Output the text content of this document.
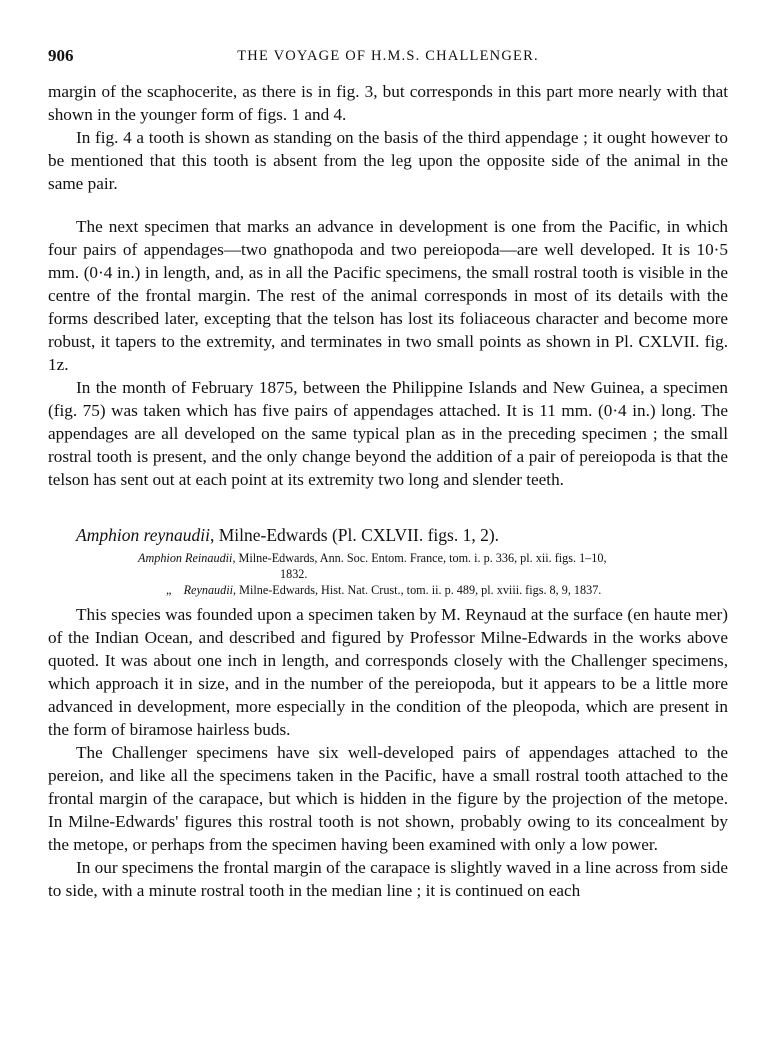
906	THE VOYAGE OF H.M.S. CHALLENGER.

margin of the scaphocerite, as there is in fig. 3, but corresponds in this part more nearly with that shown in the younger form of figs. 1 and 4.

In fig. 4 a tooth is shown as standing on the basis of the third appendage ; it ought however to be mentioned that this tooth is absent from the leg upon the opposite side of the animal in the same pair.

The next specimen that marks an advance in development is one from the Pacific, in which four pairs of appendages—two gnathopoda and two pereiopoda—are well developed. It is 10·5 mm. (0·4 in.) in length, and, as in all the Pacific specimens, the small rostral tooth is visible in the centre of the frontal margin. The rest of the animal corresponds in most of its details with the forms described later, excepting that the telson has lost its foliaceous character and become more robust, it tapers to the extremity, and terminates in two small points as shown in Pl. CXLVII. fig. 1z.

In the month of February 1875, between the Philippine Islands and New Guinea, a specimen (fig. 75) was taken which has five pairs of appendages attached. It is 11 mm. (0·4 in.) long. The appendages are all developed on the same typical plan as in the preceding specimen ; the small rostral tooth is present, and the only change beyond the addition of a pair of pereiopoda is that the telson has sent out at each point at its extremity two long and slender teeth.

Amphion reynaudii, Milne-Edwards (Pl. CXLVII. figs. 1, 2).
Amphion Reinaudii, Milne-Edwards, Ann. Soc. Entom. France, tom. i. p. 336, pl. xii. figs. 1–10,
1832.
„ Reynaudii, Milne-Edwards, Hist. Nat. Crust., tom. ii. p. 489, pl. xviii. figs. 8, 9, 1837.

This species was founded upon a specimen taken by M. Reynaud at the surface (en haute mer) of the Indian Ocean, and described and figured by Professor Milne-Edwards in the works above quoted. It was about one inch in length, and corresponds closely with the Challenger specimens, which approach it in size, and in the number of the pereiopoda, but it appears to be a little more advanced in development, more especially in the condition of the pleopoda, which are present in the form of biramose hairless buds.

The Challenger specimens have six well-developed pairs of appendages attached to the pereion, and like all the specimens taken in the Pacific, have a small rostral tooth attached to the frontal margin of the carapace, but which is hidden in the figure by the projection of the metope. In Milne-Edwards' figures this rostral tooth is not shown, probably owing to its concealment by the metope, or perhaps from the specimen having been examined with only a low power.

In our specimens the frontal margin of the carapace is slightly waved in a line across from side to side, with a minute rostral tooth in the median line ; it is continued on each
